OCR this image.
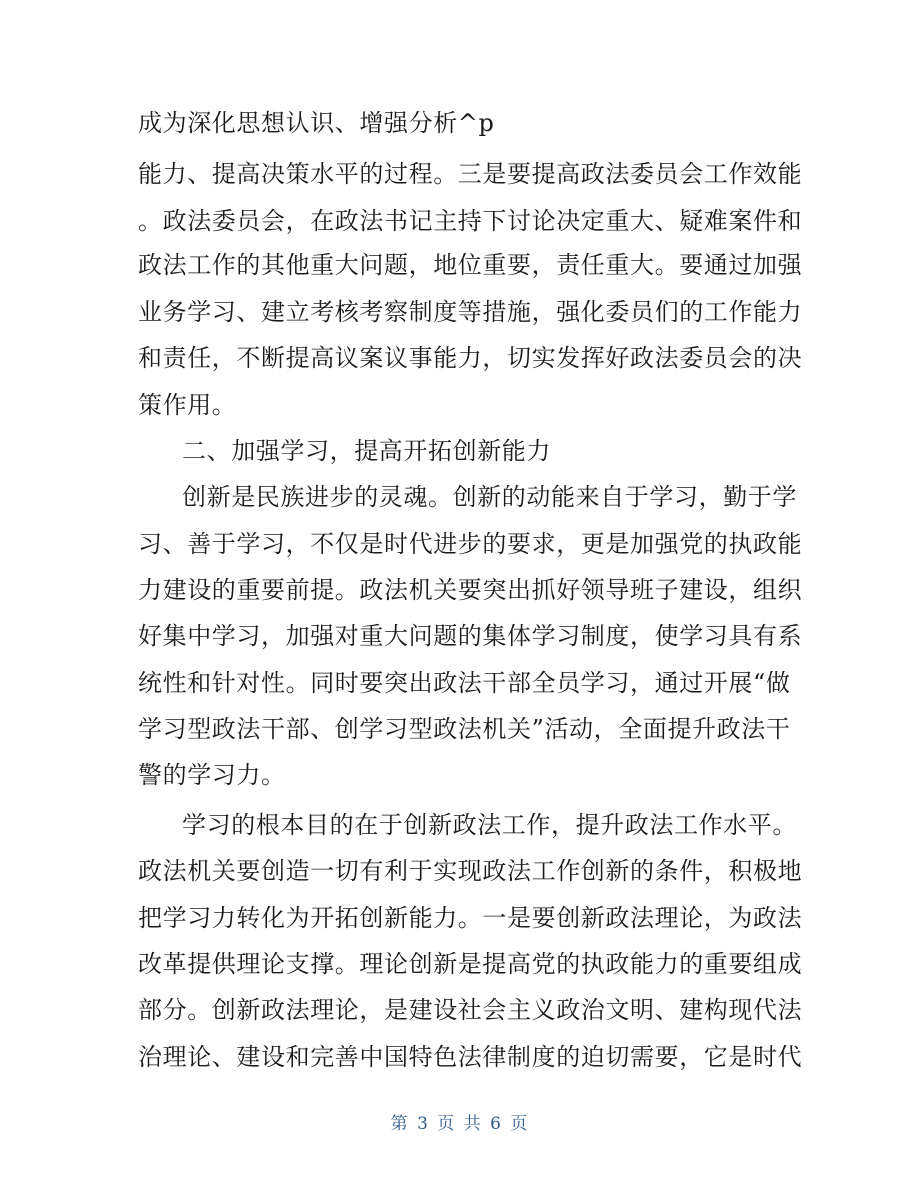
成为深化思想认识、增强分析^p
能力、提高决策水平的过程。三是要提高政法委员会工作效能
。政法委员会，在政法书记主持下讨论决定重大、疑难案件和
政法工作的其他重大问题，地位重要，责任重大。要通过加强
业务学习、建立考核考察制度等措施，强化委员们的工作能力
和责任，不断提高议案议事能力，切实发挥好政法委员会的决
策作用。
二、加强学习，提高开拓创新能力
创新是民族进步的灵魂。创新的动能来自于学习，勤于学
习、善于学习，不仅是时代进步的要求，更是加强党的执政能
力建设的重要前提。政法机关要突出抓好领导班子建设，组织
好集中学习，加强对重大问题的集体学习制度，使学习具有系
统性和针对性。同时要突出政法干部全员学习，通过开展“做
学习型政法干部、创学习型政法机关”活动，全面提升政法干
警的学习力。
学习的根本目的在于创新政法工作，提升政法工作水平。
政法机关要创造一切有利于实现政法工作创新的条件，积极地
把学习力转化为开拓创新能力。一是要创新政法理论，为政法
改革提供理论支撑。理论创新是提高党的执政能力的重要组成
部分。创新政法理论，是建设社会主义政治文明、建构现代法
治理论、建设和完善中国特色法律制度的迫切需要，它是时代
第 3 页 共 6 页
